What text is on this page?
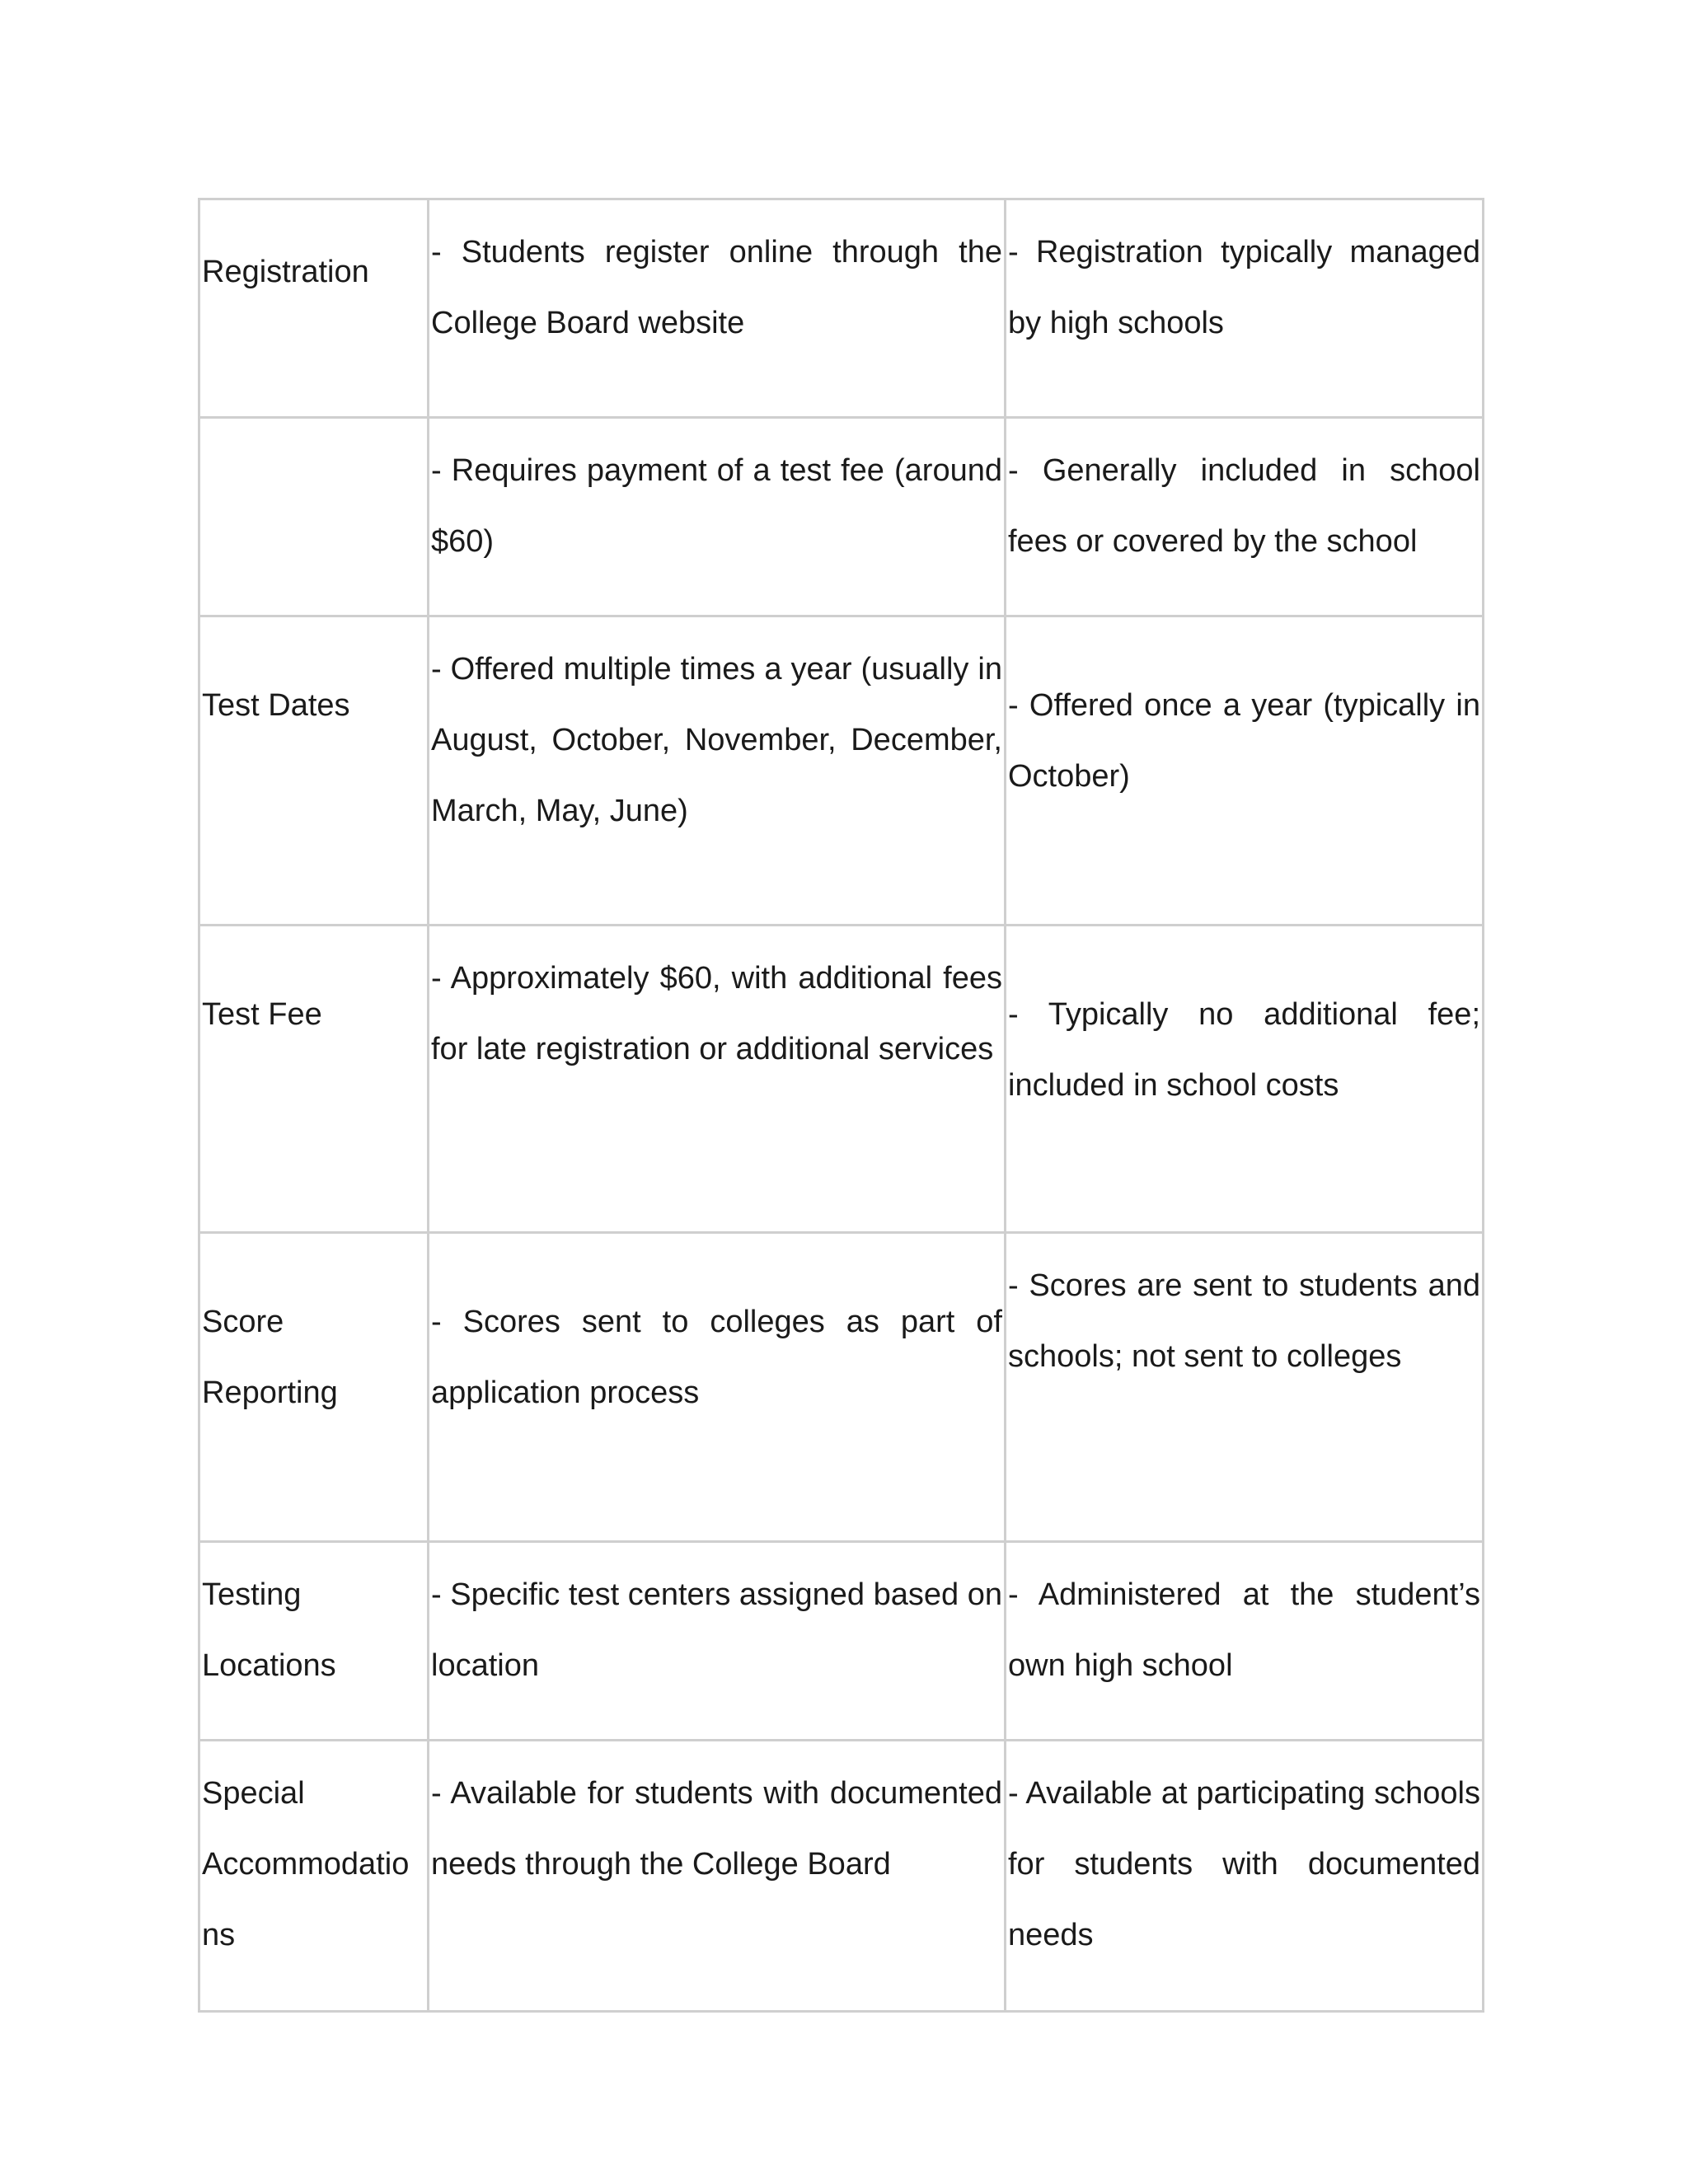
Registration	- Students register online through the College Board website	- Registration typically managed by high schools
	- Requires payment of a test fee (around $60)	- Generally included in school fees or covered by the school
Test Dates	- Offered multiple times a year (usually in August, October, November, December, March, May, June)	- Offered once a year (typically in October)
Test Fee	- Approximately $60, with additional fees for late registration or additional services	- Typically no additional fee; included in school costs
Score Reporting	- Scores sent to colleges as part of application process	- Scores are sent to students and schools; not sent to colleges
Testing Locations	- Specific test centers assigned based on location	- Administered at the student’s own high school
Special Accommodations	- Available for students with documented needs through the College Board	- Available at participating schools for students with documented needs
